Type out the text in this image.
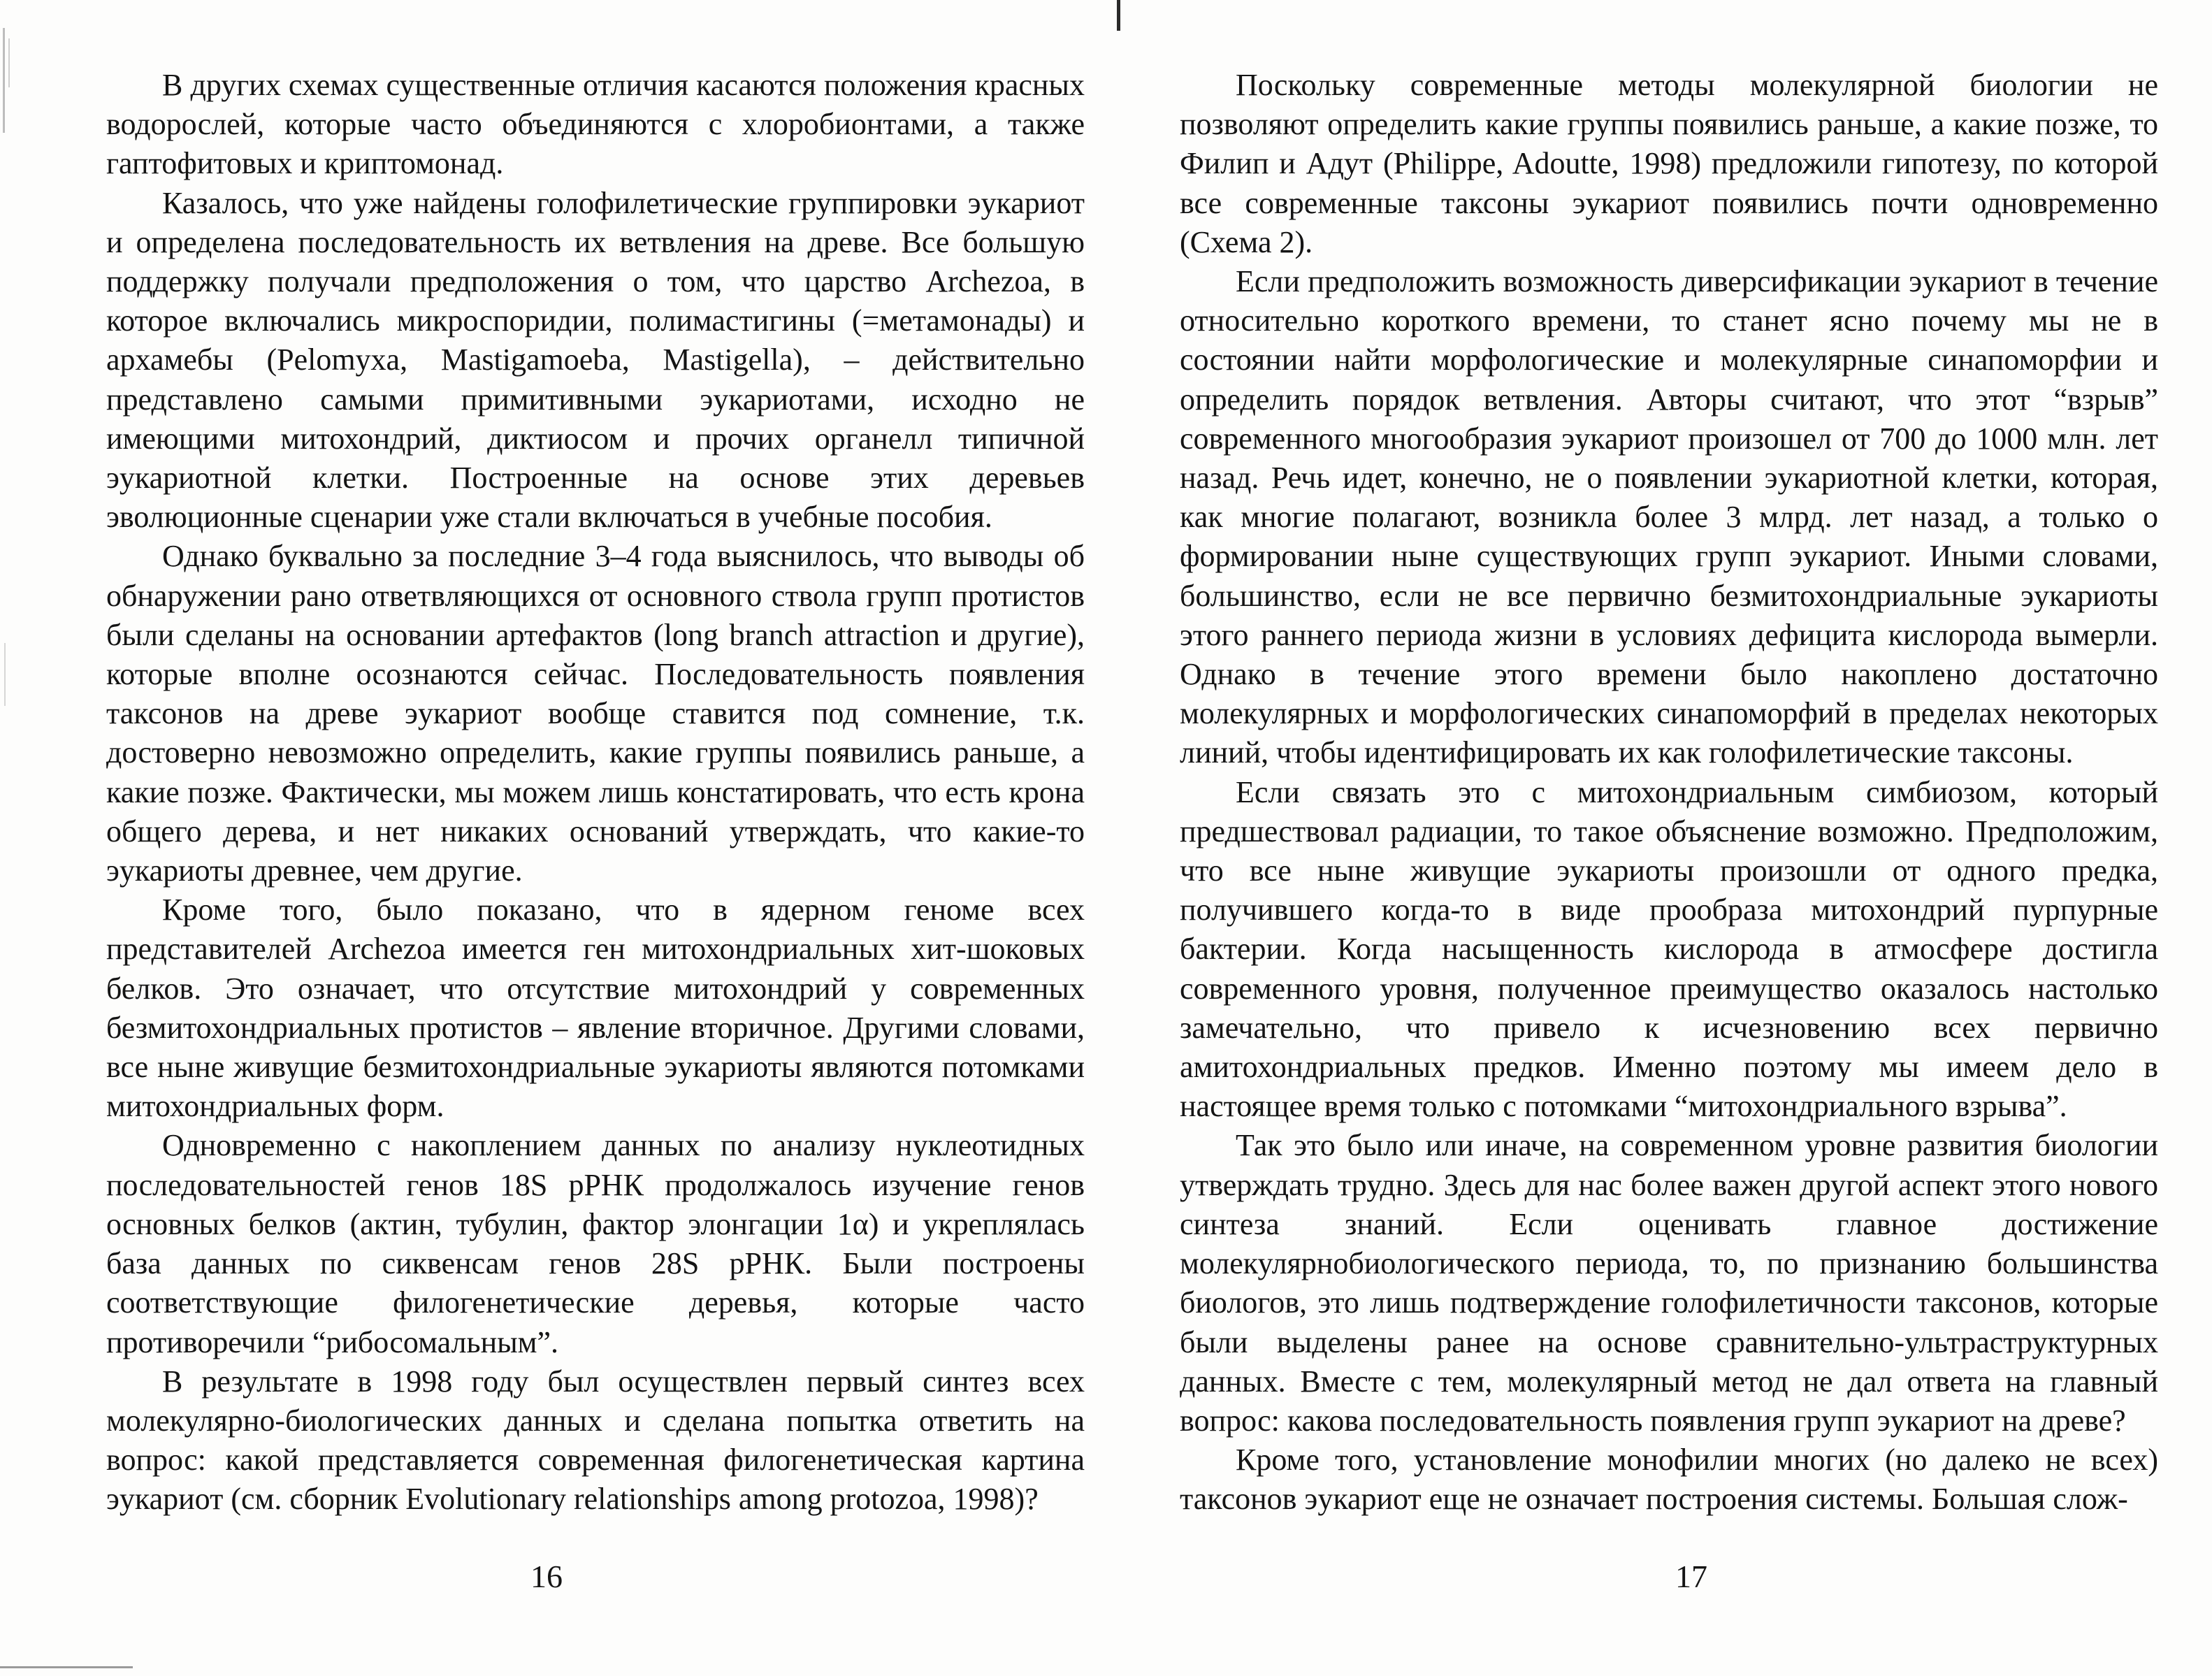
В других схемах существенные отличия касаются положения красных водорослей, которые часто объединяются с хлоробионтами, а также гаптофитовых и криптомонад.

Казалось, что уже найдены голофилетические группировки эукариот и определена последовательность их ветвления на древе. Все большую поддержку получали предположения о том, что царство Archezoa, в которое включались микроспоридии, полимастигины (=метамонады) и архамебы (Pelomyxa, Mastigamoeba, Mastigella), – действительно представлено самыми примитивными эукариотами, исходно не имеющими митохондрий, диктиосом и прочих органелл типичной эукариотной клетки. Построенные на основе этих деревьев эволюционные сценарии уже стали включаться в учебные пособия.

Однако буквально за последние 3–4 года выяснилось, что выводы об обнаружении рано ответвляющихся от основного ствола групп протистов были сделаны на основании артефактов (long branch attraction и другие), которые вполне осознаются сейчас. Последовательность появления таксонов на древе эукариот вообще ставится под сомнение, т.к. достоверно невозможно определить, какие группы появились раньше, а какие позже. Фактически, мы можем лишь констатировать, что есть крона общего дерева, и нет никаких оснований утверждать, что какие-то эукариоты древнее, чем другие.

Кроме того, было показано, что в ядерном геноме всех представителей Archezoa имеется ген митохондриальных хит-шоковых белков. Это означает, что отсутствие митохондрий у современных безмитохондриальных протистов – явление вторичное. Другими словами, все ныне живущие безмитохондриальные эукариоты являются потомками митохондриальных форм.

Одновременно с накоплением данных по анализу нуклеотидных последовательностей генов 18S рРНК продолжалось изучение генов основных белков (актин, тубулин, фактор элонгации 1α) и укреплялась база данных по сиквенсам генов 28S рРНК. Были построены соответствующие филогенетические деревья, которые часто противоречили “рибосомальным”.

В результате в 1998 году был осуществлен первый синтез всех молекулярно-биологических данных и сделана попытка ответить на вопрос: какой представляется современная филогенетическая картина эукариот (см. сборник Evolutionary relationships among protozoa, 1998)?

16

Поскольку современные методы молекулярной биологии не позволяют определить какие группы появились раньше, а какие позже, то Филип и Адут (Philippe, Adoutte, 1998) предложили гипотезу, по которой все современные таксоны эукариот появились почти одновременно (Схема 2).

Если предположить возможность диверсификации эукариот в течение относительно короткого времени, то станет ясно почему мы не в состоянии найти морфологические и молекулярные синапоморфии и определить порядок ветвления. Авторы считают, что этот “взрыв” современного многообразия эукариот произошел от 700 до 1000 млн. лет назад. Речь идет, конечно, не о появлении эукариотной клетки, которая, как многие полагают, возникла более 3 млрд. лет назад, а только о формировании ныне существующих групп эукариот. Иными словами, большинство, если не все первично безмитохондриальные эукариоты этого раннего периода жизни в условиях дефицита кислорода вымерли. Однако в течение этого времени было накоплено достаточно молекулярных и морфологических синапоморфий в пределах некоторых линий, чтобы идентифицировать их как голофилетические таксоны.

Если связать это с митохондриальным симбиозом, который предшествовал радиации, то такое объяснение возможно. Предположим, что все ныне живущие эукариоты произошли от одного предка, получившего когда-то в виде прообраза митохондрий пурпурные бактерии. Когда насыщенность кислорода в атмосфере достигла современного уровня, полученное преимущество оказалось настолько замечательно, что привело к исчезновению всех первично амитохондриальных предков. Именно поэтому мы имеем дело в настоящее время только с потомками “митохондриального взрыва”.

Так это было или иначе, на современном уровне развития биологии утверждать трудно. Здесь для нас более важен другой аспект этого нового синтеза знаний. Если оценивать главное достижение молекулярнобиологического периода, то, по признанию большинства биологов, это лишь подтверждение голофилетичности таксонов, которые были выделены ранее на основе сравнительно-ультраструктурных данных. Вместе с тем, молекулярный метод не дал ответа на главный вопрос: какова последовательность появления групп эукариот на древе?

Кроме того, установление монофилии многих (но далеко не всех) таксонов эукариот еще не означает построения системы. Большая слож-

17
